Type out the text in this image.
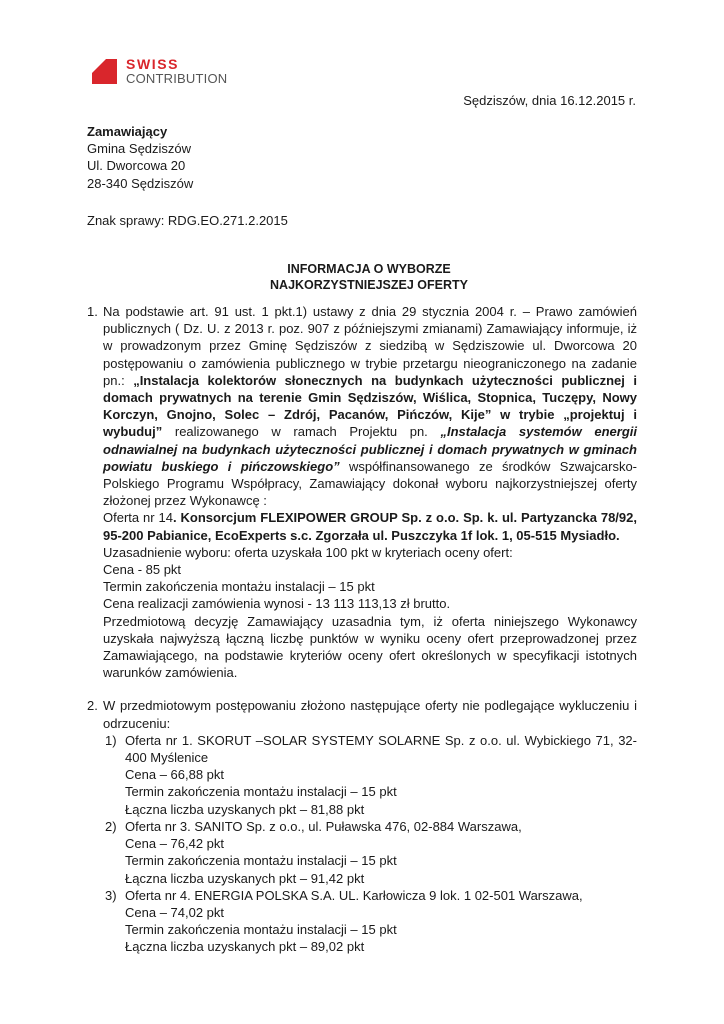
SWISS
CONTRIBUTION
Sędziszów, dnia 16.12.2015 r.
Zamawiający
Gmina Sędziszów
Ul. Dworcowa 20
28-340 Sędziszów
Znak sprawy: RDG.EO.271.2.2015
INFORMACJA O WYBORZE
NAJKORZYSTNIEJSZEJ OFERTY
1. Na podstawie art. 91 ust. 1 pkt.1) ustawy z dnia 29 stycznia 2004 r. – Prawo zamówień publicznych ( Dz. U. z 2013 r. poz. 907 z późniejszymi zmianami) Zamawiający informuje, iż w prowadzonym przez Gminę Sędziszów z siedzibą w Sędziszowie ul. Dworcowa 20 postępowaniu o zamówienia publicznego w trybie przetargu nieograniczonego na zadanie pn.: „Instalacja kolektorów słonecznych na budynkach użyteczności publicznej i domach prywatnych na terenie Gmin Sędziszów, Wiślica, Stopnica, Tuczępy, Nowy Korczyn, Gnojno, Solec – Zdrój, Pacanów, Pińczów, Kije” w trybie „projektuj i wybuduj” realizowanego w ramach Projektu pn. „Instalacja systemów energii odnawialnej na budynkach użyteczności publicznej i domach prywatnych w gminach powiatu buskiego i pińczowskiego” współfinansowanego ze środków Szwajcarsko-Polskiego Programu Współpracy, Zamawiający dokonał wyboru najkorzystniejszej oferty złożonej przez Wykonawcę :
Oferta nr 14. Konsorcjum FLEXIPOWER GROUP Sp. z o.o. Sp. k. ul. Partyzancka 78/92, 95-200 Pabianice, EcoExperts s.c. Zgorzała ul. Puszczyka 1f lok. 1, 05-515 Mysiadło.
Uzasadnienie wyboru: oferta uzyskała 100 pkt w kryteriach oceny ofert:
Cena - 85 pkt
Termin zakończenia montażu instalacji – 15 pkt
Cena realizacji zamówienia wynosi - 13 113 113,13 zł brutto.
Przedmiotową decyzję Zamawiający uzasadnia tym, iż oferta niniejszego Wykonawcy uzyskała najwyższą łączną liczbę punktów w wyniku oceny ofert przeprowadzonej przez Zamawiającego, na podstawie kryteriów oceny ofert określonych w specyfikacji istotnych warunków zamówienia.
2. W przedmiotowym postępowaniu złożono następujące oferty nie podlegające wykluczeniu i odrzuceniu:
1) Oferta nr 1. SKORUT –SOLAR SYSTEMY SOLARNE Sp. z o.o. ul. Wybickiego 71, 32-400 Myślenice
Cena – 66,88 pkt
Termin zakończenia montażu instalacji – 15 pkt
Łączna liczba uzyskanych pkt – 81,88 pkt
2) Oferta nr 3. SANITO Sp. z o.o., ul. Puławska 476, 02-884 Warszawa,
Cena – 76,42 pkt
Termin zakończenia montażu instalacji – 15 pkt
Łączna liczba uzyskanych pkt – 91,42 pkt
3) Oferta nr 4. ENERGIA POLSKA S.A. UL. Karłowicza 9 lok. 1 02-501 Warszawa,
Cena – 74,02 pkt
Termin zakończenia montażu instalacji – 15 pkt
Łączna liczba uzyskanych pkt – 89,02 pkt
